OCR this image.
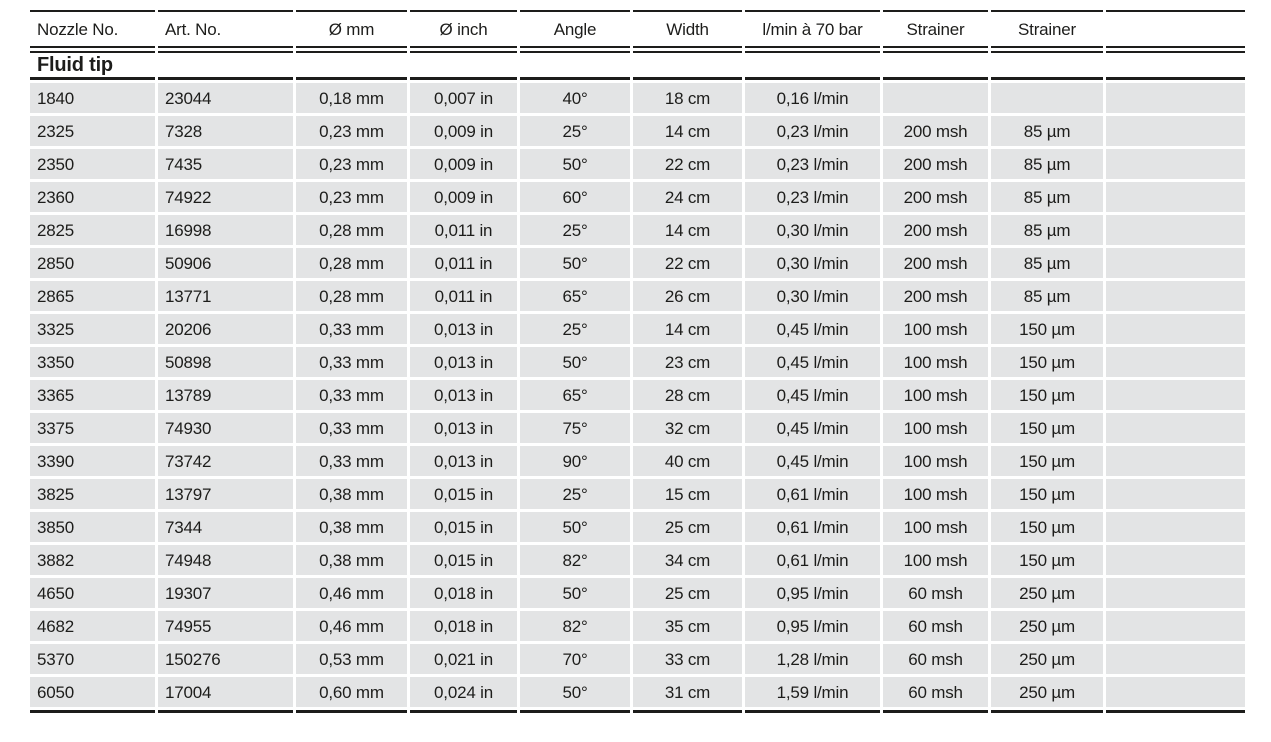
Nozzle No.	Art. No.	Ø mm	Ø inch	Angle	Width	l/min à 70 bar	Strainer	Strainer
Fluid tip
1840	23044	0,18 mm	0,007 in	40°	18 cm	0,16 l/min
2325	7328	0,23 mm	0,009 in	25°	14 cm	0,23 l/min	200 msh	85 µm
2350	7435	0,23 mm	0,009 in	50°	22 cm	0,23 l/min	200 msh	85 µm
2360	74922	0,23 mm	0,009 in	60°	24 cm	0,23 l/min	200 msh	85 µm
2825	16998	0,28 mm	0,011 in	25°	14 cm	0,30 l/min	200 msh	85 µm
2850	50906	0,28 mm	0,011 in	50°	22 cm	0,30 l/min	200 msh	85 µm
2865	13771	0,28 mm	0,011 in	65°	26 cm	0,30 l/min	200 msh	85 µm
3325	20206	0,33 mm	0,013 in	25°	14 cm	0,45 l/min	100 msh	150 µm
3350	50898	0,33 mm	0,013 in	50°	23 cm	0,45 l/min	100 msh	150 µm
3365	13789	0,33 mm	0,013 in	65°	28 cm	0,45 l/min	100 msh	150 µm
3375	74930	0,33 mm	0,013 in	75°	32 cm	0,45 l/min	100 msh	150 µm
3390	73742	0,33 mm	0,013 in	90°	40 cm	0,45 l/min	100 msh	150 µm
3825	13797	0,38 mm	0,015 in	25°	15 cm	0,61 l/min	100 msh	150 µm
3850	7344	0,38 mm	0,015 in	50°	25 cm	0,61 l/min	100 msh	150 µm
3882	74948	0,38 mm	0,015 in	82°	34 cm	0,61 l/min	100 msh	150 µm
4650	19307	0,46 mm	0,018 in	50°	25 cm	0,95 l/min	60 msh	250 µm
4682	74955	0,46 mm	0,018 in	82°	35 cm	0,95 l/min	60 msh	250 µm
5370	150276	0,53 mm	0,021 in	70°	33 cm	1,28 l/min	60 msh	250 µm
6050	17004	0,60 mm	0,024 in	50°	31 cm	1,59 l/min	60 msh	250 µm
